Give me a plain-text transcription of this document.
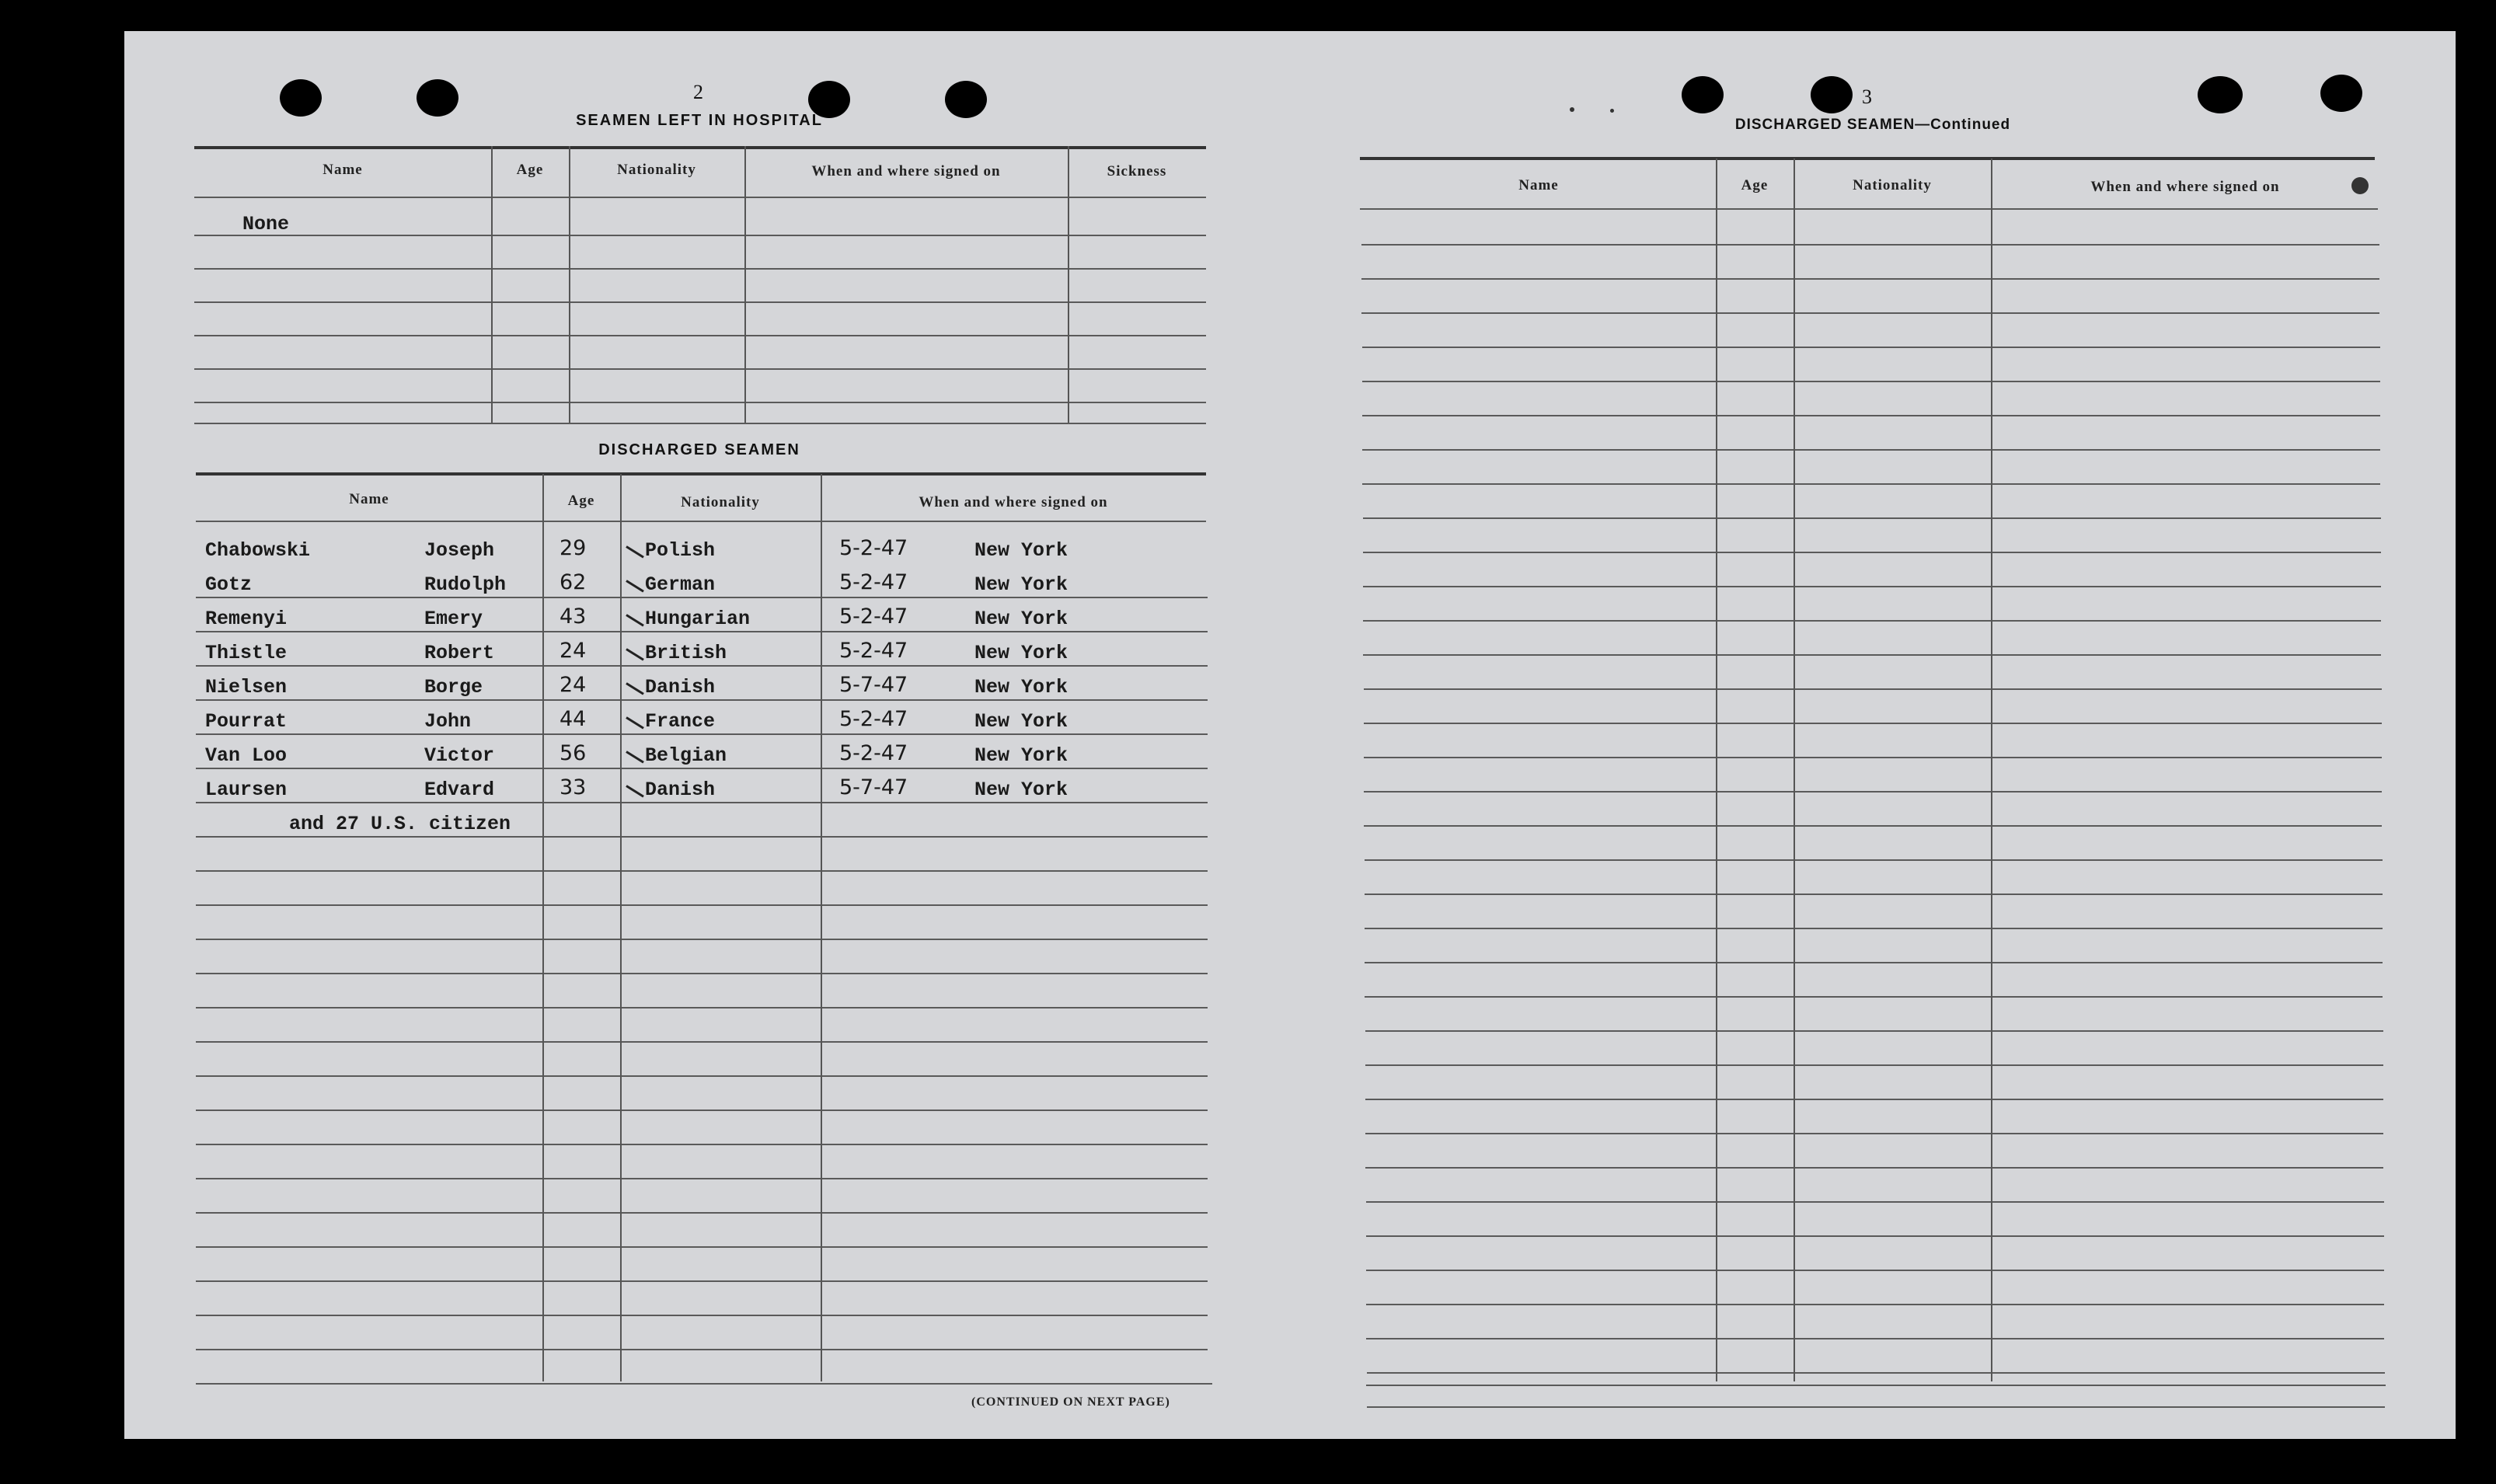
2
SEAMEN LEFT IN HOSPITAL
Name	Age	Nationality	When and where signed on	Sickness
None
DISCHARGED SEAMEN
Name	Age	Nationality	When and where signed on
Chabowski	Joseph	29	Polish	5-2-47	New York
Gotz	Rudolph	62	German	5-2-47	New York
Remenyi	Emery	43	Hungarian	5-2-47	New York
Thistle	Robert	24	British	5-2-47	New York
Nielsen	Borge	24	Danish	5-7-47	New York
Pourrat	John	44	France	5-2-47	New York
Van Loo	Victor	56	Belgian	5-2-47	New York
Laursen	Edvard	33	Danish	5-7-47	New York
and 27 U.S. citizen
(CONTINUED ON NEXT PAGE)
3
DISCHARGED SEAMEN—Continued
Name	Age	Nationality	When and where signed on
